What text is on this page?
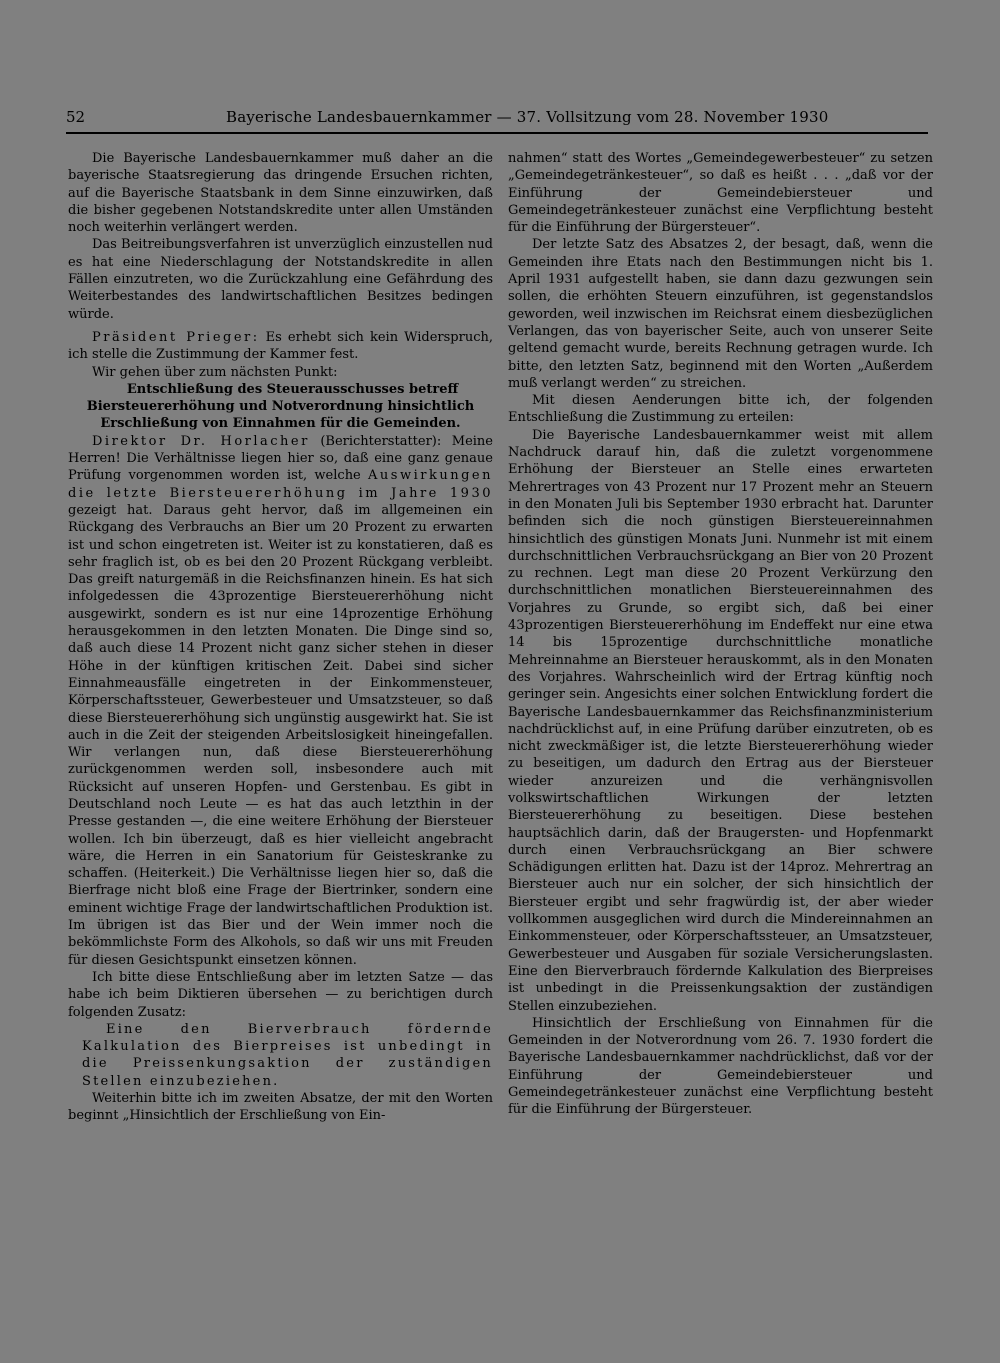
52	Bayerische Landesbauernkammer — 37. Vollsitzung vom 28. November 1930

Die Bayerische Landesbauernkammer muß daher an die bayerische Staatsregierung das dringende Ersuchen richten, auf die Bayerische Staatsbank in dem Sinne einzuwirken, daß die bisher gegebenen Notstandskredite unter allen Umständen noch weiterhin verlängert werden.

Das Beitreibungsverfahren ist unverzüglich einzustellen nud es hat eine Niederschlagung der Notstandskredite in allen Fällen einzutreten, wo die Zurückzahlung eine Gefährdung des Weiterbestandes des landwirtschaftlichen Besitzes bedingen würde.

Präsident Prieger: Es erhebt sich kein Widerspruch, ich stelle die Zustimmung der Kammer fest.

Wir gehen über zum nächsten Punkt:

Entschließung des Steuerausschusses betreff Biersteuererhöhung und Notverordnung hinsichtlich Erschließung von Einnahmen für die Gemeinden.

Direktor Dr. Horlacher (Berichterstatter): Meine Herren! Die Verhältnisse liegen hier so, daß eine ganz genaue Prüfung vorgenommen worden ist, welche Auswirkungen die letzte Biersteuererhöhung im Jahre 1930 gezeigt hat. Daraus geht hervor, daß im allgemeinen ein Rückgang des Verbrauchs an Bier um 20 Prozent zu erwarten ist und schon eingetreten ist. Weiter ist zu konstatieren, daß es sehr fraglich ist, ob es bei den 20 Prozent Rückgang verbleibt. Das greift naturgemäß in die Reichsfinanzen hinein. Es hat sich infolgedessen die 43prozentige Biersteuererhöhung nicht ausgewirkt, sondern es ist nur eine 14prozentige Erhöhung herausgekommen in den letzten Monaten. Die Dinge sind so, daß auch diese 14 Prozent nicht ganz sicher stehen in dieser Höhe in der künftigen kritischen Zeit. Dabei sind sicher Einnahmeausfälle eingetreten in der Einkommensteuer, Körperschaftssteuer, Gewerbesteuer und Umsatzsteuer, so daß diese Biersteuererhöhung sich ungünstig ausgewirkt hat. Sie ist auch in die Zeit der steigenden Arbeitslosigkeit hineingefallen. Wir verlangen nun, daß diese Biersteuererhöhung zurückgenommen werden soll, insbesondere auch mit Rücksicht auf unseren Hopfen- und Gerstenbau. Es gibt in Deutschland noch Leute — es hat das auch letzthin in der Presse gestanden —, die eine weitere Erhöhung der Biersteuer wollen. Ich bin überzeugt, daß es hier vielleicht angebracht wäre, die Herren in ein Sanatorium für Geisteskranke zu schaffen. (Heiterkeit.) Die Verhältnisse liegen hier so, daß die Bierfrage nicht bloß eine Frage der Biertrinker, sondern eine eminent wichtige Frage der landwirtschaftlichen Produktion ist. Im übrigen ist das Bier und der Wein immer noch die bekömmlichste Form des Alkohols, so daß wir uns mit Freuden für diesen Gesichtspunkt einsetzen können.

Ich bitte diese Entschließung aber im letzten Satze — das habe ich beim Diktieren übersehen — zu berichtigen durch folgenden Zusatz:

Eine den Bierverbrauch fördernde Kalkulation des Bierpreises ist unbedingt in die Preissenkungsaktion der zuständigen Stellen einzubeziehen.

Weiterhin bitte ich im zweiten Absatze, der mit den Worten beginnt „Hinsichtlich der Erschließung von Ein-

nahmen“ statt des Wortes „Gemeindegewerbesteuer“ zu setzen „Gemeindegetränkesteuer“, so daß es heißt . . . „daß vor der Einführung der Gemeindebiersteuer und Gemeindegetränkesteuer zunächst eine Verpflichtung besteht für die Einführung der Bürgersteuer“.

Der letzte Satz des Absatzes 2, der besagt, daß, wenn die Gemeinden ihre Etats nach den Bestimmungen nicht bis 1. April 1931 aufgestellt haben, sie dann dazu gezwungen sein sollen, die erhöhten Steuern einzuführen, ist gegenstandslos geworden, weil inzwischen im Reichsrat einem diesbezüglichen Verlangen, das von bayerischer Seite, auch von unserer Seite geltend gemacht wurde, bereits Rechnung getragen wurde. Ich bitte, den letzten Satz, beginnend mit den Worten „Außerdem muß verlangt werden“ zu streichen.

Mit diesen Aenderungen bitte ich, der folgenden Entschließung die Zustimmung zu erteilen:

Die Bayerische Landesbauernkammer weist mit allem Nachdruck darauf hin, daß die zuletzt vorgenommene Erhöhung der Biersteuer an Stelle eines erwarteten Mehrertrages von 43 Prozent nur 17 Prozent mehr an Steuern in den Monaten Juli bis September 1930 erbracht hat. Darunter befinden sich die noch günstigen Biersteuereinnahmen hinsichtlich des günstigen Monats Juni. Nunmehr ist mit einem durchschnittlichen Verbrauchsrückgang an Bier von 20 Prozent zu rechnen. Legt man diese 20 Prozent Verkürzung den durchschnittlichen monatlichen Biersteuereinnahmen des Vorjahres zu Grunde, so ergibt sich, daß bei einer 43prozentigen Biersteuererhöhung im Endeffekt nur eine etwa 14 bis 15prozentige durchschnittliche monatliche Mehreinnahme an Biersteuer herauskommt, als in den Monaten des Vorjahres. Wahrscheinlich wird der Ertrag künftig noch geringer sein. Angesichts einer solchen Entwicklung fordert die Bayerische Landesbauernkammer das Reichsfinanzministerium nachdrücklichst auf, in eine Prüfung darüber einzutreten, ob es nicht zweckmäßiger ist, die letzte Biersteuererhöhung wieder zu beseitigen, um dadurch den Ertrag aus der Biersteuer wieder anzureizen und die verhängnisvollen volkswirtschaftlichen Wirkungen der letzten Biersteuererhöhung zu beseitigen. Diese bestehen hauptsächlich darin, daß der Braugersten- und Hopfenmarkt durch einen Verbrauchsrückgang an Bier schwere Schädigungen erlitten hat. Dazu ist der 14proz. Mehrertrag an Biersteuer auch nur ein solcher, der sich hinsichtlich der Biersteuer ergibt und sehr fragwürdig ist, der aber wieder vollkommen ausgeglichen wird durch die Mindereinnahmen an Einkommensteuer, oder Körperschaftssteuer, an Umsatzsteuer, Gewerbesteuer und Ausgaben für soziale Versicherungslasten. Eine den Bierverbrauch fördernde Kalkulation des Bierpreises ist unbedingt in die Preissenkungsaktion der zuständigen Stellen einzubeziehen.

Hinsichtlich der Erschließung von Einnahmen für die Gemeinden in der Notverordnung vom 26. 7. 1930 fordert die Bayerische Landesbauernkammer nachdrücklichst, daß vor der Einführung der Gemeindebiersteuer und Gemeindegetränkesteuer zunächst eine Verpflichtung besteht für die Einführung der Bürgersteuer.
